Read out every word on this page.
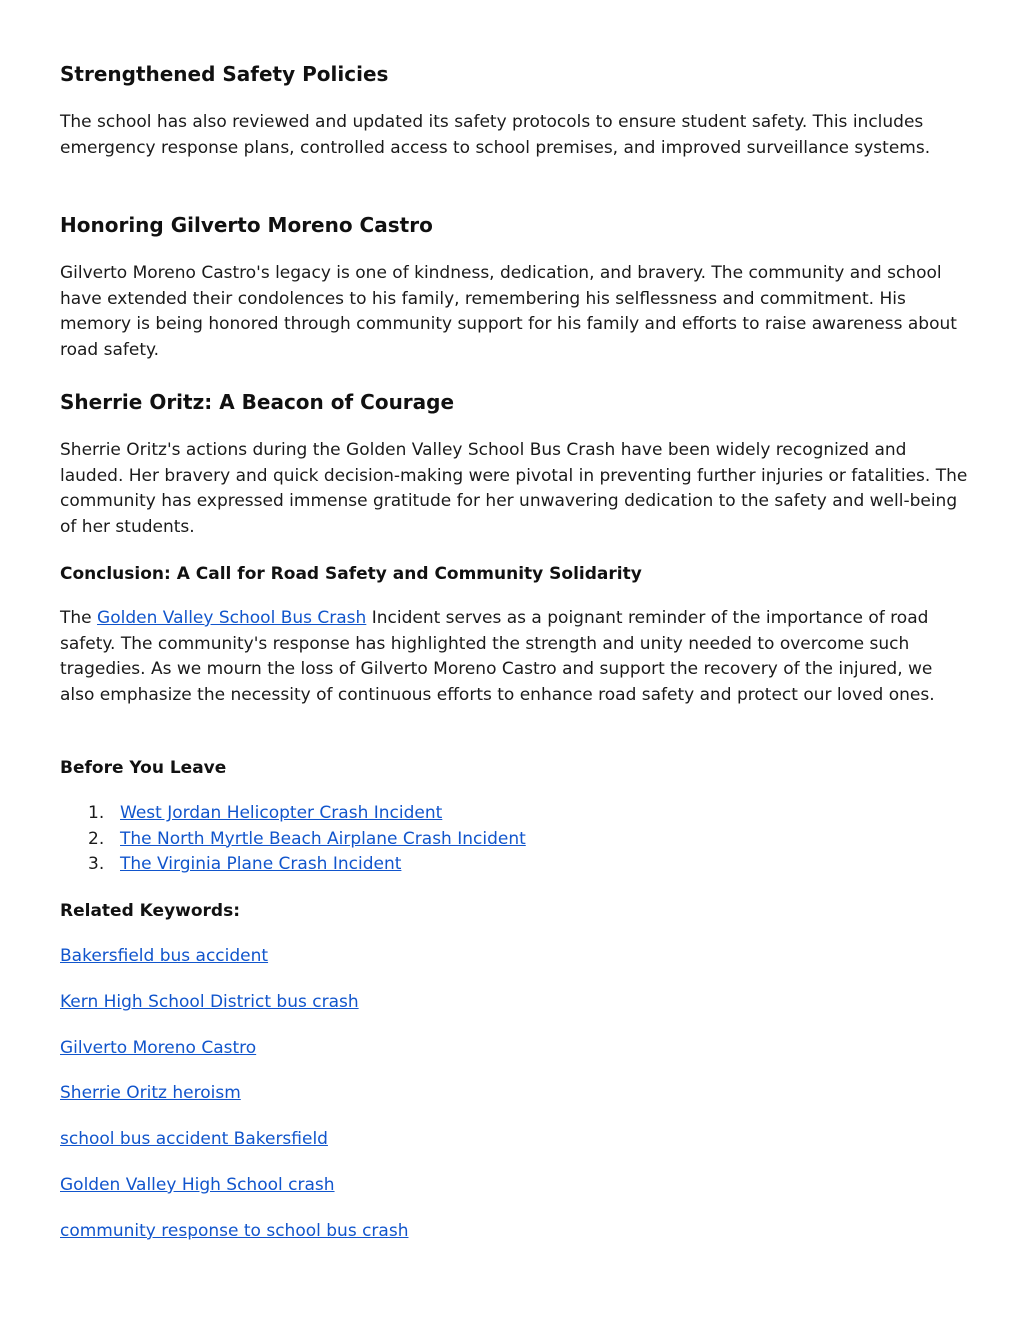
Strengthened Safety Policies

The school has also reviewed and updated its safety protocols to ensure student safety. This includes emergency response plans, controlled access to school premises, and improved surveillance systems.

Honoring Gilverto Moreno Castro

Gilverto Moreno Castro's legacy is one of kindness, dedication, and bravery. The community and school have extended their condolences to his family, remembering his selflessness and commitment. His memory is being honored through community support for his family and efforts to raise awareness about road safety.

Sherrie Oritz: A Beacon of Courage

Sherrie Oritz's actions during the Golden Valley School Bus Crash have been widely recognized and lauded. Her bravery and quick decision-making were pivotal in preventing further injuries or fatalities. The community has expressed immense gratitude for her unwavering dedication to the safety and well-being of her students.

Conclusion: A Call for Road Safety and Community Solidarity

The Golden Valley School Bus Crash Incident serves as a poignant reminder of the importance of road safety. The community's response has highlighted the strength and unity needed to overcome such tragedies. As we mourn the loss of Gilverto Moreno Castro and support the recovery of the injured, we also emphasize the necessity of continuous efforts to enhance road safety and protect our loved ones.

Before You Leave
1. West Jordan Helicopter Crash Incident
2. The North Myrtle Beach Airplane Crash Incident
3. The Virginia Plane Crash Incident
Related Keywords:
Bakersfield bus accident
Kern High School District bus crash
Gilverto Moreno Castro
Sherrie Oritz heroism
school bus accident Bakersfield
Golden Valley High School crash
community response to school bus crash
